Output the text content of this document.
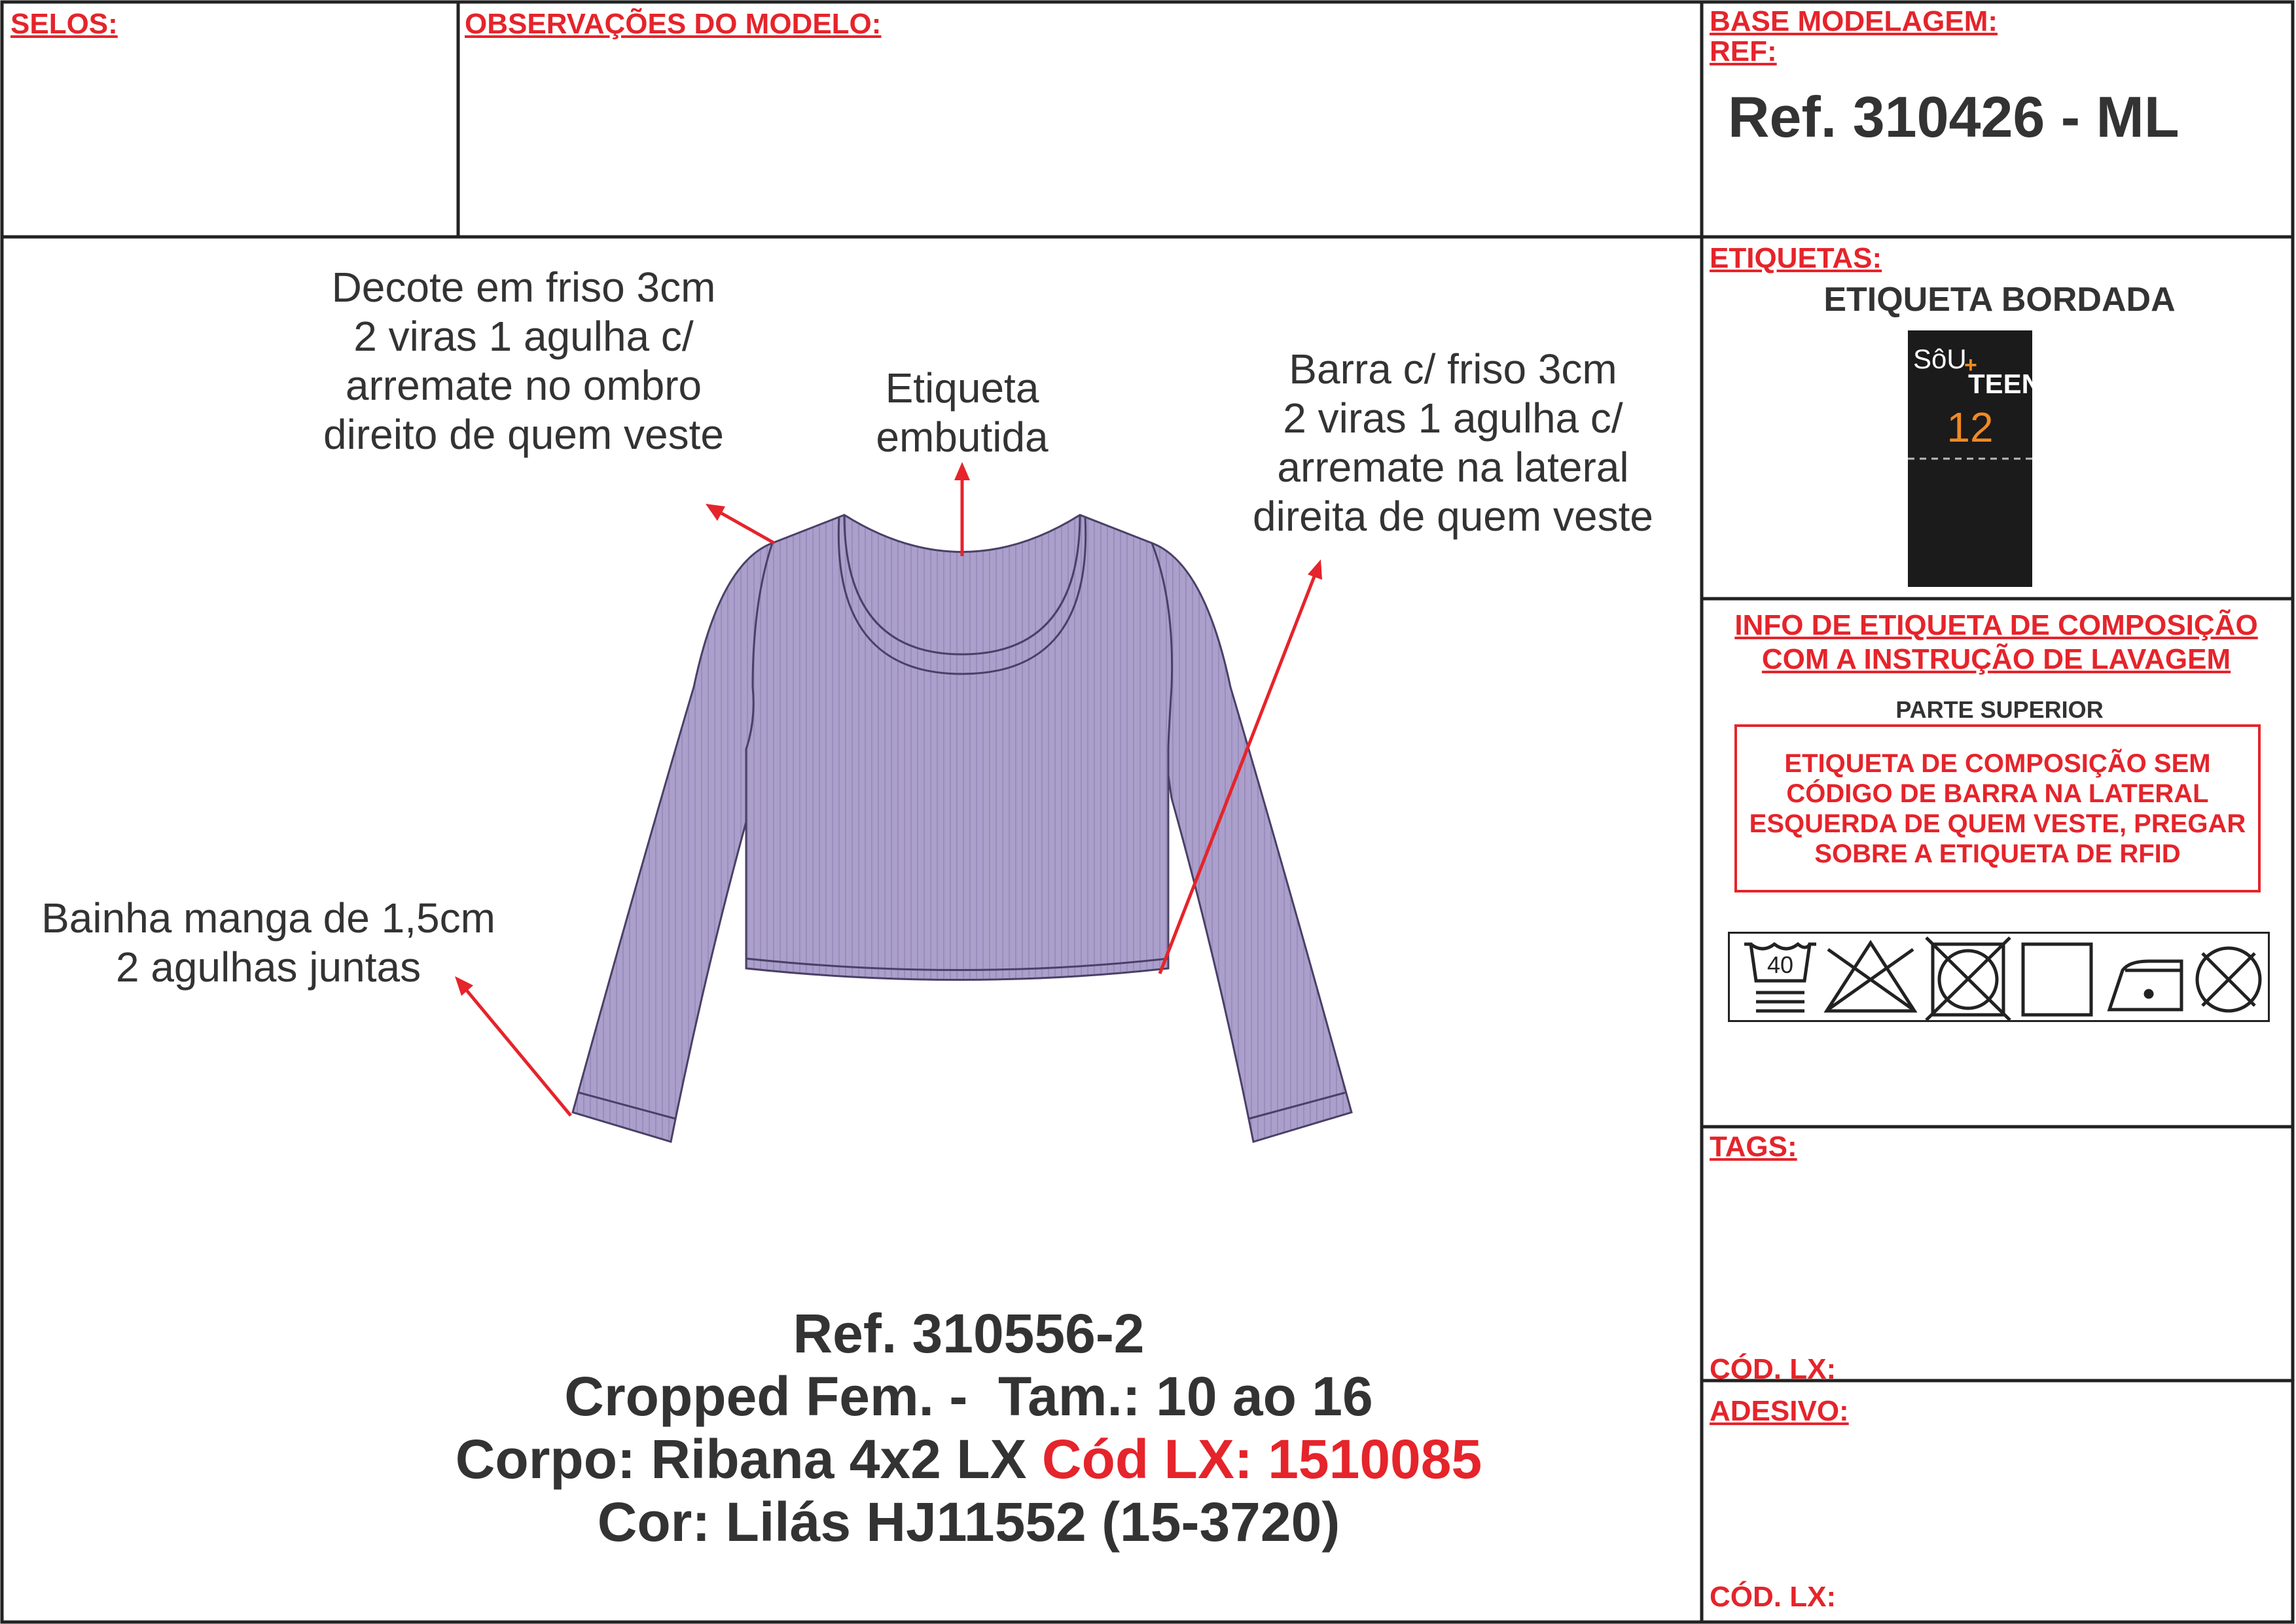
SELOS:	OBSERVAÇÕES DO MODELO:	BASE MODELAGEM:
REF:
Ref. 310426 - ML
ETIQUETAS:
ETIQUETA BORDADA
SôU
+
TEEN
12
INFO DE ETIQUETA DE COMPOSIÇÃO
COM A INSTRUÇÃO DE LAVAGEM
PARTE SUPERIOR
ETIQUETA DE COMPOSIÇÃO SEM
CÓDIGO DE BARRA NA LATERAL
ESQUERDA DE QUEM VESTE, PREGAR
SOBRE A ETIQUETA DE RFID
40
TAGS:
CÓD. LX:
ADESIVO:
CÓD. LX:
Decote em friso 3cm
2 viras 1 agulha c/
arremate no ombro
direito de quem veste
Etiqueta
embutida
Barra c/ friso 3cm
2 viras 1 agulha c/
arremate na lateral
direita de quem veste
Bainha manga de 1,5cm
2 agulhas juntas
Ref. 310556-2
Cropped Fem. -  Tam.: 10 ao 16
Corpo: Ribana 4x2 LX Cód LX: 1510085
Cor: Lilás HJ11552 (15-3720)
